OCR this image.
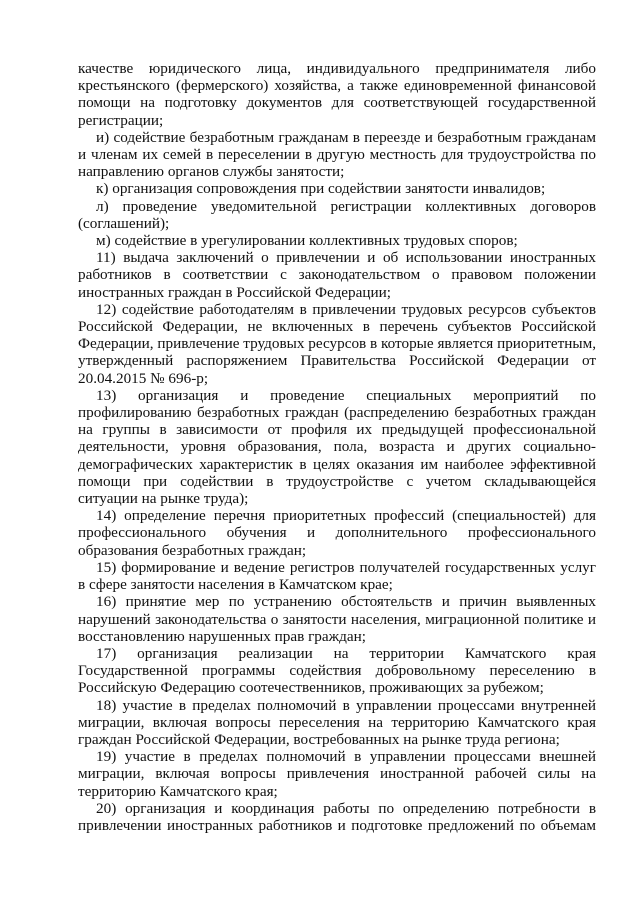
качестве юридического лица, индивидуального предпринимателя либо крестьянского (фермерского) хозяйства, а также единовременной финансовой помощи на подготовку документов для соответствующей государственной регистрации;

и) содействие безработным гражданам в переезде и безработным гражданам и членам их семей в переселении в другую местность для трудоустройства по направлению органов службы занятости;

к) организация сопровождения при содействии занятости инвалидов;

л) проведение уведомительной регистрации коллективных договоров (соглашений);

м) содействие в урегулировании коллективных трудовых споров;

11) выдача заключений о привлечении и об использовании иностранных работников в соответствии с законодательством о правовом положении иностранных граждан в Российской Федерации;

12) содействие работодателям в привлечении трудовых ресурсов субъектов Российской Федерации, не включенных в перечень субъектов Российской Федерации, привлечение трудовых ресурсов в которые является приоритетным, утвержденный распоряжением Правительства Российской Федерации от 20.04.2015 № 696-р;

13) организация и проведение специальных мероприятий по профилированию безработных граждан (распределению безработных граждан на группы в зависимости от профиля их предыдущей профессиональной деятельности, уровня образования, пола, возраста и других социально-демографических характеристик в целях оказания им наиболее эффективной помощи при содействии в трудоустройстве с учетом складывающейся ситуации на рынке труда);

14) определение перечня приоритетных профессий (специальностей) для профессионального обучения и дополнительного профессионального образования безработных граждан;

15) формирование и ведение регистров получателей государственных услуг в сфере занятости населения в Камчатском крае;

16) принятие мер по устранению обстоятельств и причин выявленных нарушений законодательства о занятости населения, миграционной политике и восстановлению нарушенных прав граждан;

17) организация реализации на территории Камчатского края Государственной программы содействия добровольному переселению в Российскую Федерацию соотечественников, проживающих за рубежом;

18) участие в пределах полномочий в управлении процессами внутренней миграции, включая вопросы переселения на территорию Камчатского края граждан Российской Федерации, востребованных на рынке труда региона;

19) участие в пределах полномочий в управлении процессами внешней миграции, включая вопросы привлечения иностранной рабочей силы на территорию Камчатского края;

20) организация и координация работы по определению потребности в привлечении иностранных работников и подготовке предложений по объемам
